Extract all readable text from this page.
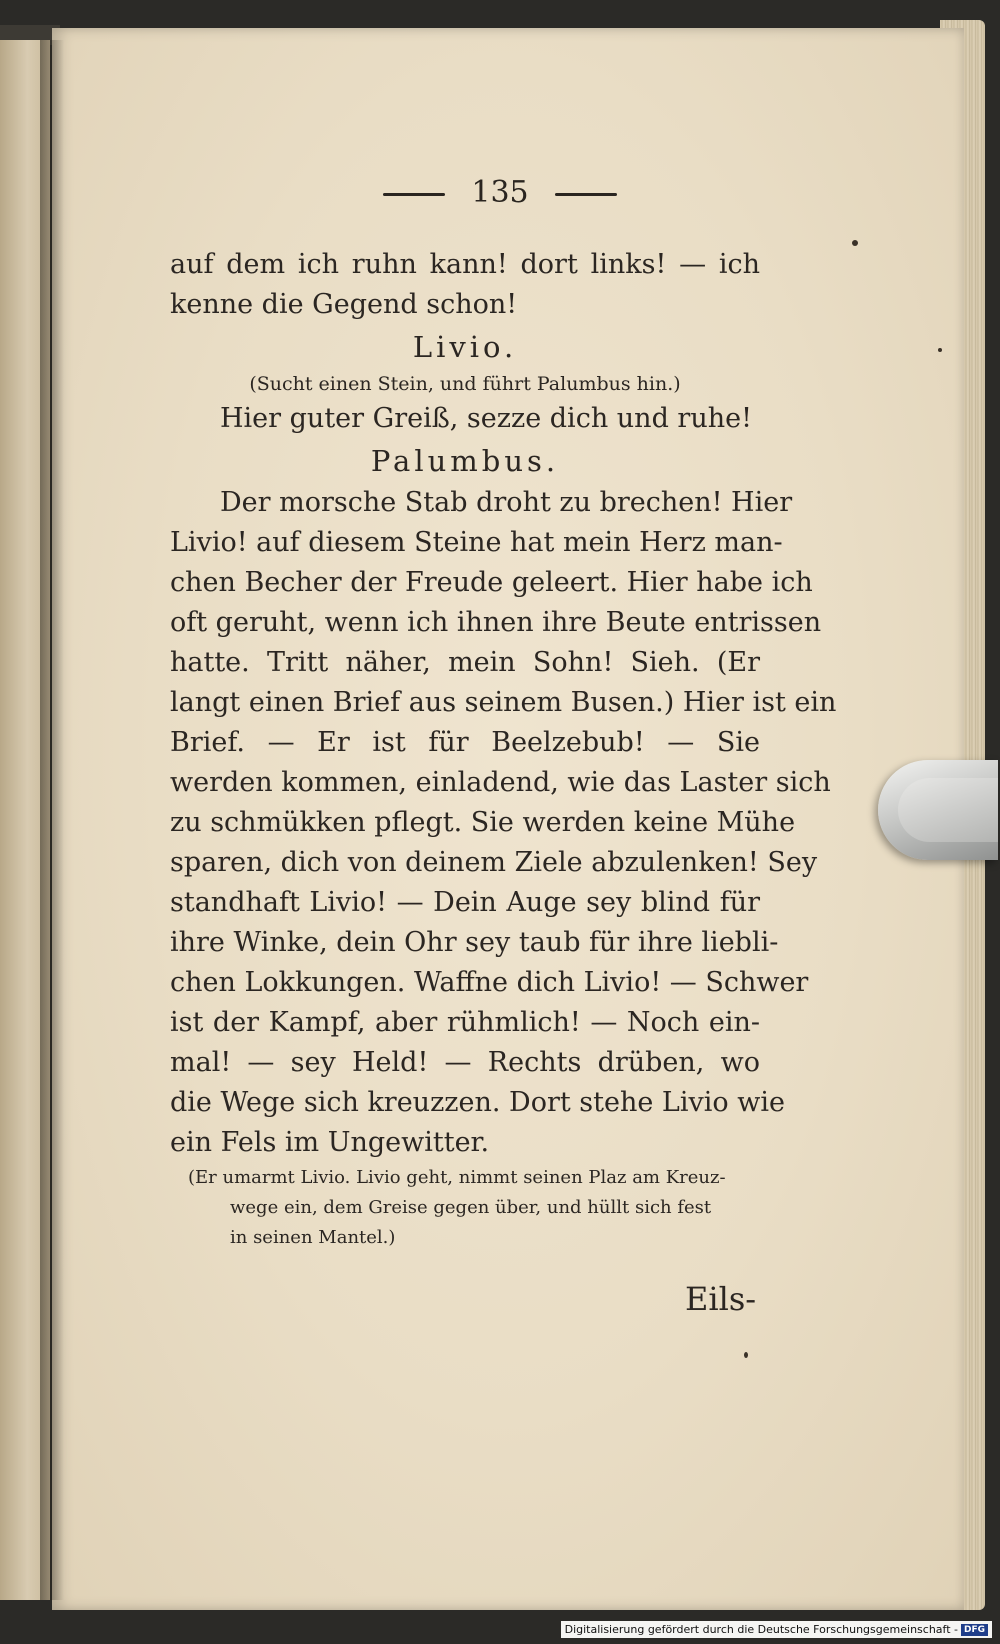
135
auf dem ich ruhn kann! dort links! — ich
kenne die Gegend schon!
Livio.
(Sucht einen Stein, und führt Palumbus hin.)
Hier guter Greiß, sezze dich und ruhe!
Palumbus.
Der morsche Stab droht zu brechen! Hier
Livio! auf diesem Steine hat mein Herz man-
chen Becher der Freude geleert. Hier habe ich
oft geruht, wenn ich ihnen ihre Beute entrissen
hatte. Tritt näher, mein Sohn! Sieh. (Er
langt einen Brief aus seinem Busen.) Hier ist ein
Brief. — Er ist für Beelzebub! — Sie
werden kommen, einladend, wie das Laster sich
zu schmükken pflegt. Sie werden keine Mühe
sparen, dich von deinem Ziele abzulenken! Sey
standhaft Livio! — Dein Auge sey blind für
ihre Winke, dein Ohr sey taub für ihre liebli-
chen Lokkungen. Waffne dich Livio! — Schwer
ist der Kampf, aber rühmlich! — Noch ein-
mal! — sey Held! — Rechts drüben, wo
die Wege sich kreuzzen. Dort stehe Livio wie
ein Fels im Ungewitter.
(Er umarmt Livio. Livio geht, nimmt seinen Plaz am Kreuz-
wege ein, dem Greise gegen über, und hüllt sich fest
in seinen Mantel.)
Eils-
Digitalisierung gefördert durch die Deutsche Forschungsgemeinschaft - DFG
